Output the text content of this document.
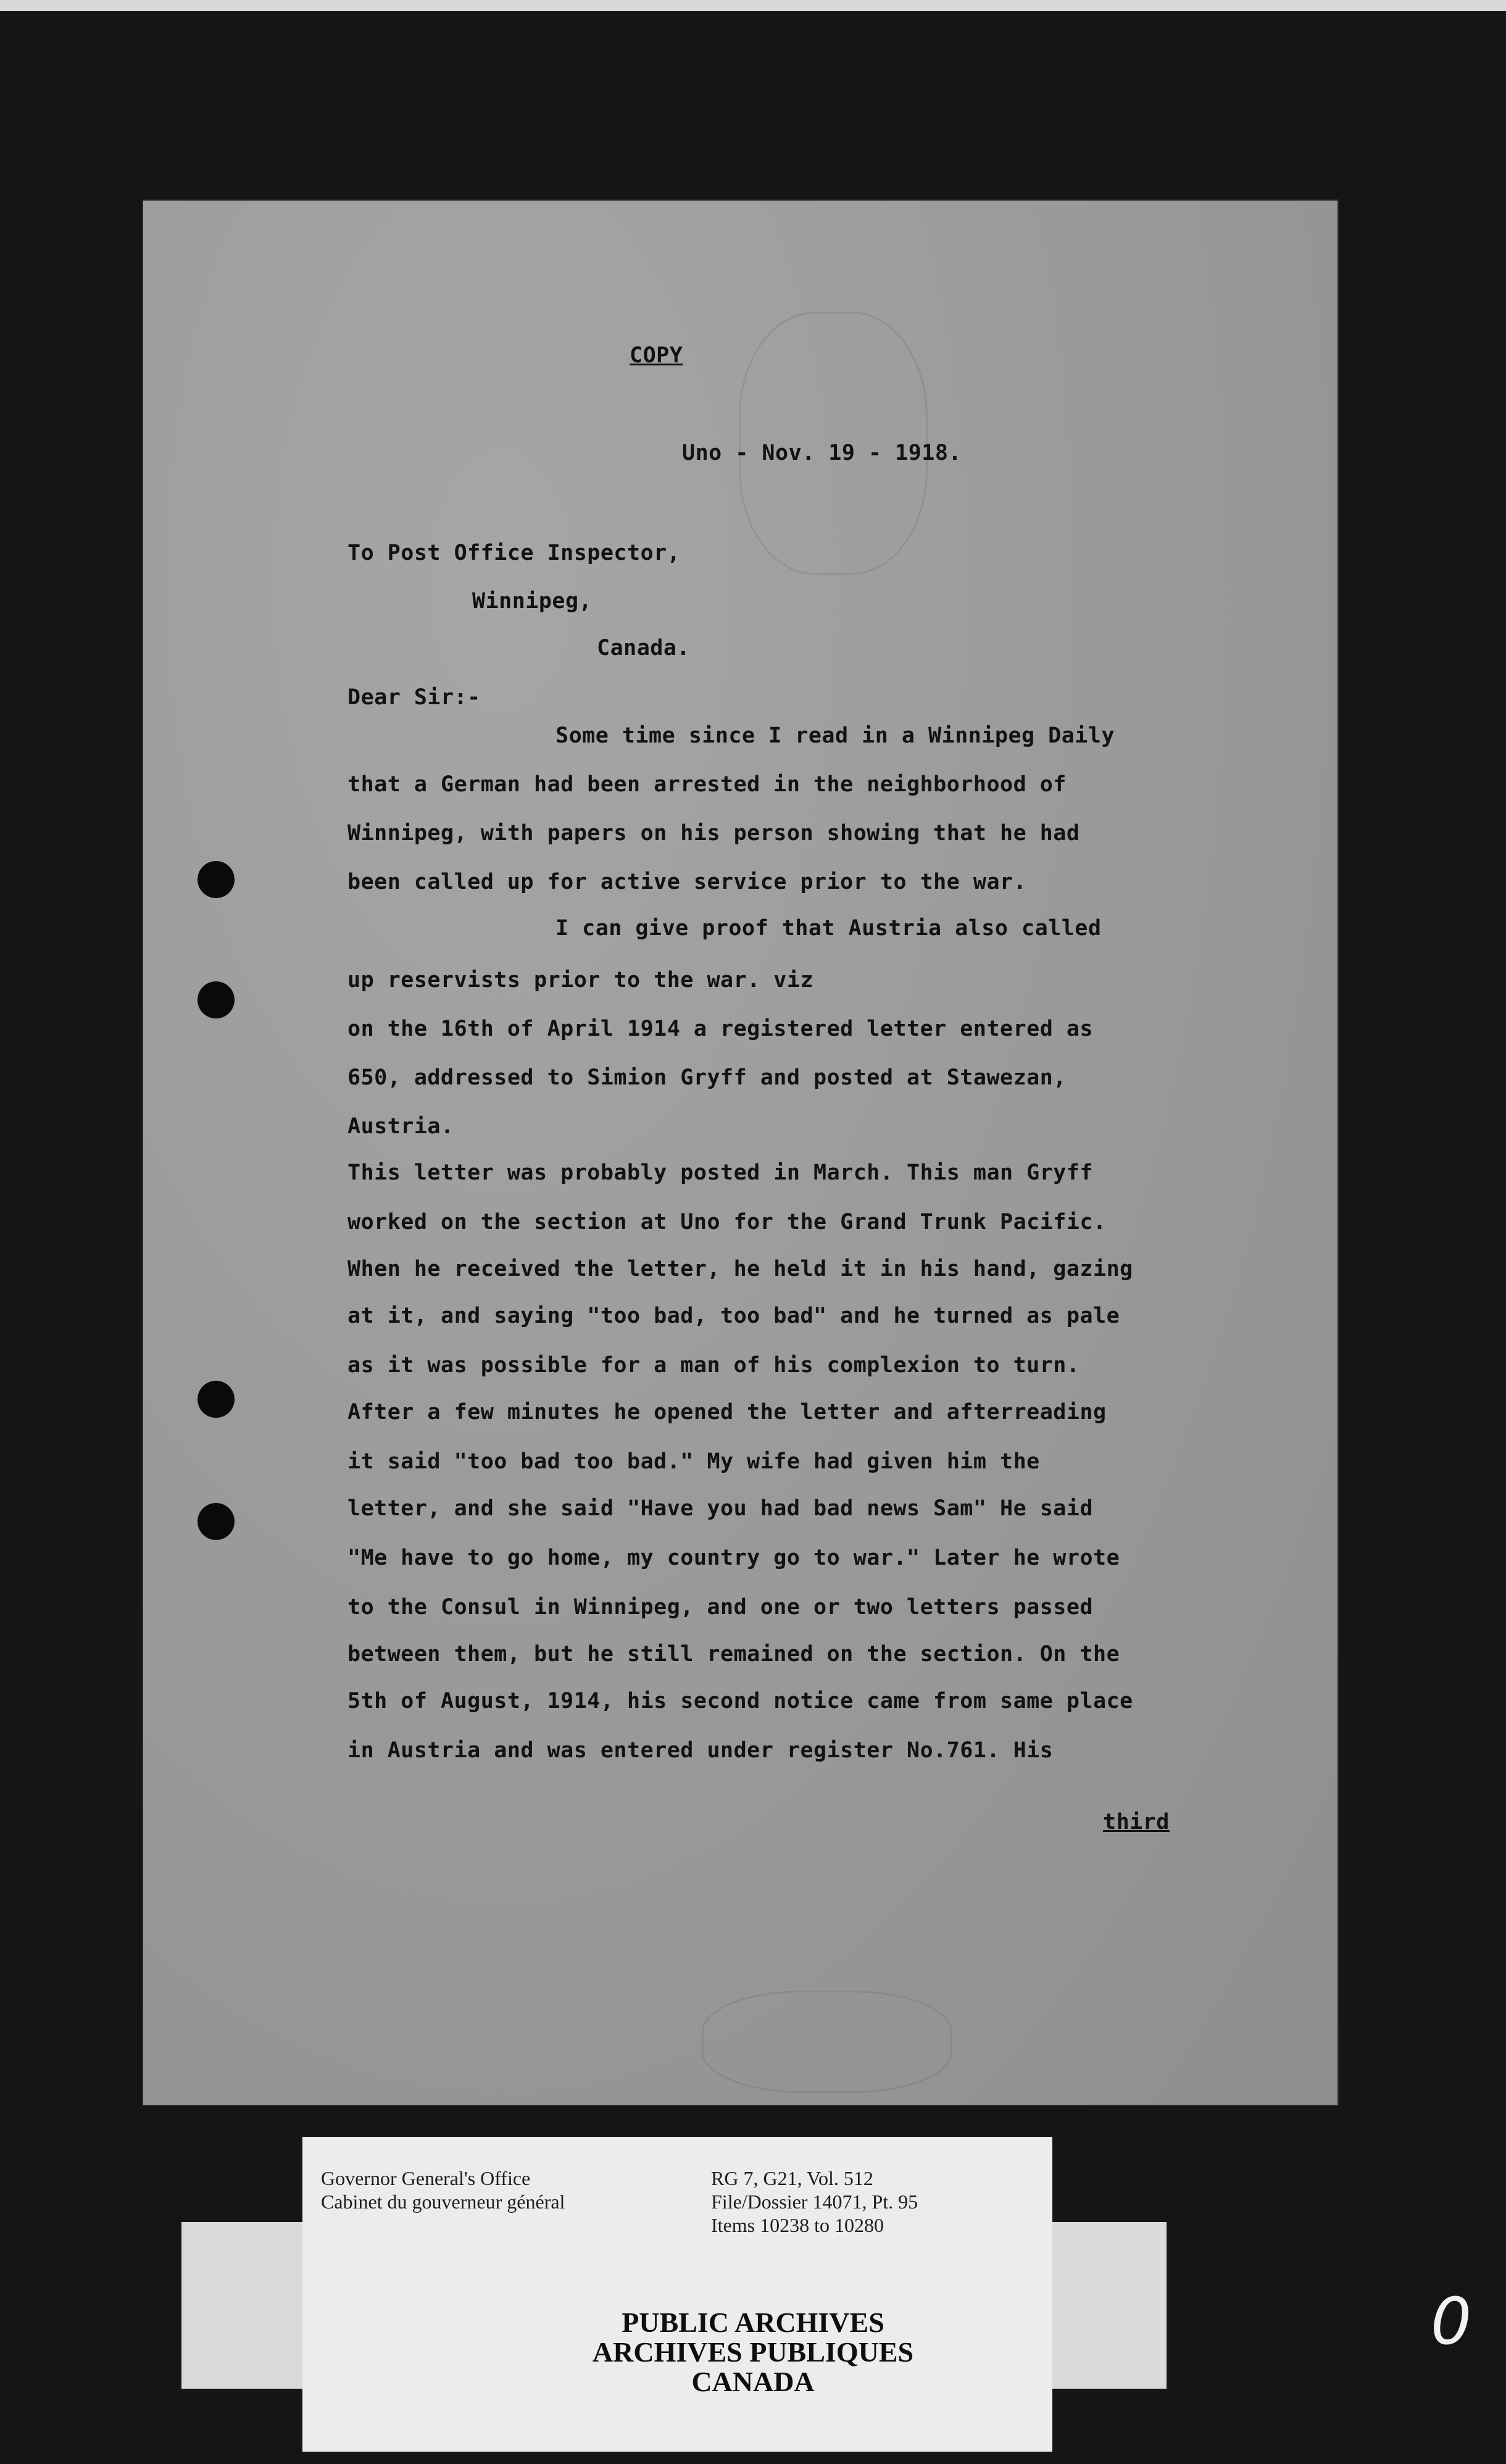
COPY
Uno - Nov. 19 - 1918.
To Post Office Inspector,
Winnipeg,
Canada.
Dear Sir:-
Some time since I read in a Winnipeg Daily
that a German had been arrested in the neighborhood of
Winnipeg, with papers on his person showing that he had
been called up for active service prior to the war.
I can give proof that Austria also called
up reservists prior to the war. viz
on the 16th of April 1914 a registered letter entered as
650, addressed to Simion Gryff and posted at Stawezan,
Austria.
This letter was probably posted in March. This man Gryff
worked on the section at Uno for the Grand Trunk Pacific.
When he received the letter, he held it in his hand, gazing
at it, and saying "too bad, too bad" and he turned as pale
as it was possible for a man of his complexion to turn.
After a few minutes he opened the letter and afterreading
it said "too bad too bad." My wife had given him the
letter, and she said "Have you had bad news Sam" He said
"Me have to go home, my country go to war." Later he wrote
to the Consul in Winnipeg, and one or two letters passed
between them, but he still remained on the section. On the
5th of August, 1914, his second notice came from same place
in Austria and was entered under register No.761. His
third
Governor General's Office
Cabinet du gouverneur général
RG 7, G21, Vol. 512
File/Dossier 14071, Pt. 95
Items 10238 to 10280
PUBLIC ARCHIVES
ARCHIVES PUBLIQUES
CANADA
0
